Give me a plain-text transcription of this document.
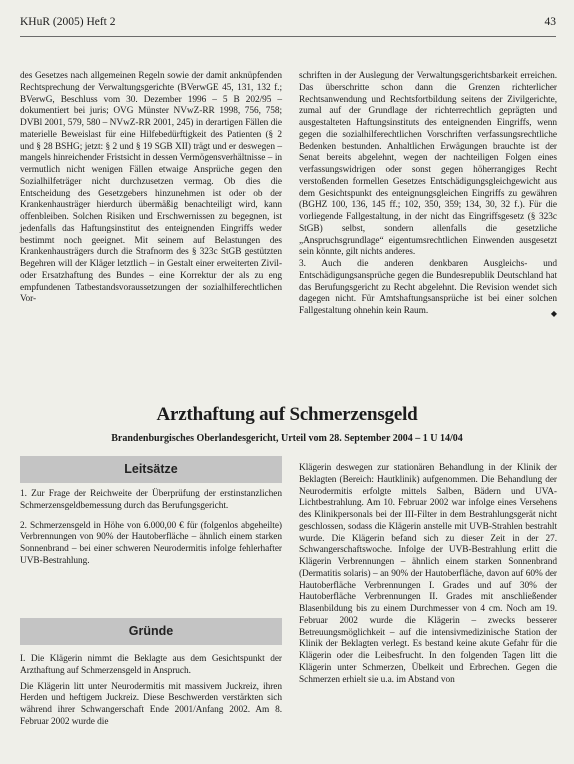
KHuR (2005) Heft 2	43

des Gesetzes nach allgemeinen Regeln sowie der damit anknüpfenden Rechtsprechung der Verwaltungsgerichte (BVerwGE 45, 131, 132 f.; BVerwG, Beschluss vom 30. Dezember 1996 – 5 B 202/95 – dokumentiert bei juris; OVG Münster NVwZ-RR 1998, 756, 758; DVBl 2001, 579, 580 – NVwZ-RR 2001, 245) in derartigen Fällen die materielle Beweislast für eine Hilfebedürftigkeit des Patienten (§ 2 und § 28 BSHG; jetzt: § 2 und § 19 SGB XII) trägt und er deswegen – mangels hinreichender Fristsicht in dessen Vermögensverhältnisse – in vermutlich nicht wenigen Fällen etwaige Ansprüche gegen den Sozialhilfeträger nicht durchzusetzen vermag. Ob dies die Entscheidung des Gesetzgebers hinzunehmen ist oder ob der Krankenhausträger hierdurch übermäßig benachteiligt wird, kann offenbleiben. Solchen Risiken und Erschwernissen zu begegnen, ist jedenfalls das Haftungsinstitut des enteignenden Eingriffs weder bestimmt noch geeignet. Mit seinem auf Belastungen des Krankenhausträgers durch die Strafnorm des § 323c StGB gestützten Begehren will der Kläger letztlich – in Gestalt einer erweiterten Zivil- oder Ersatzhaftung des Bundes – eine Korrektur der als zu eng empfundenen Tatbestandsvoraussetzungen der sozialhilferechtlichen Vor-

schriften in der Auslegung der Verwaltungsgerichtsbarkeit erreichen. Das überschritte schon dann die Grenzen richterlicher Rechtsanwendung und Rechtsfortbildung seitens der Zivilgerichte, zumal auf der Grundlage der richterrechtlich geprägten und ausgestalteten Haftungsinstituts des enteignenden Eingriffs, wenn gegen die sozialhilferechtlichen Vorschriften verfassungsrechtliche Bedenken bestunden. Anhaltlichen Erwägungen brauchte ist der Senat bereits abgelehnt, wegen der nachteiligen Folgen eines verfassungswidrigen oder sonst gegen höherrangiges Recht verstoßenden formellen Gesetzes Entschädigungsgleichgewicht aus dem Gesichtspunkt des enteignungsgleichen Eingriffs zu gewähren (BGHZ 100, 136, 145 ff.; 102, 350, 359; 134, 30, 32 f.). Für die vorliegende Fallgestaltung, in der nicht das Eingriffsgesetz (§ 323c StGB) selbst, sondern allenfalls die gesetzliche „Anspruchsgrundlage“ eigentumsrechtlichen Einwenden ausgesetzt sein könnte, gilt nichts anderes.

3. Auch die anderen denkbaren Ausgleichs- und Entschädigungsansprüche gegen die Bundesrepublik Deutschland hat das Berufungsgericht zu Recht abgelehnt. Die Revision wendet sich dagegen nicht. Für Amtshaftungsansprüche ist bei einer solchen Fallgestaltung ohnehin kein Raum.	◆

Arzthaftung auf Schmerzensgeld
Brandenburgisches Oberlandesgericht, Urteil vom 28. September 2004 – 1 U 14/04
Leitsätze

1. Zur Frage der Reichweite der Überprüfung der erstinstanzlichen Schmerzensgeldbemessung durch das Berufungsgericht.

2. Schmerzensgeld in Höhe von 6.000,00 € für (folgenlos abgeheilte) Verbrennungen von 90% der Hautoberfläche – ähnlich einem starken Sonnenbrand – bei einer schweren Neurodermitis infolge fehlerhafter UVB-Bestrahlung.

Gründe

I. Die Klägerin nimmt die Beklagte aus dem Gesichtspunkt der Arzthaftung auf Schmerzensgeld in Anspruch.

Die Klägerin litt unter Neurodermitis mit massivem Juckreiz, ihren Herden und heftigem Juckreiz. Diese Beschwerden verstärkten sich während ihrer Schwangerschaft Ende 2001/Anfang 2002. Am 8. Februar 2002 wurde die

Klägerin deswegen zur stationären Behandlung in der Klinik der Beklagten (Bereich: Hautklinik) aufgenommen. Die Behandlung der Neurodermitis erfolgte mittels Salben, Bädern und UVA-Lichtbestrahlung. Am 10. Februar 2002 war infolge eines Versehens des Klinikpersonals bei der III-Filter in dem Bestrahlungsgerät nicht geschlossen, sodass die Klägerin anstelle mit UVB-Strahlen bestrahlt wurde. Die Klägerin befand sich zu dieser Zeit in der 27. Schwangerschaftswoche. Infolge der UVB-Bestrahlung erlitt die Klägerin Verbrennungen – ähnlich einem starken Sonnenbrand (Dermatitis solaris) – an 90% der Hautoberfläche, davon auf 60% der Hautoberfläche Verbrennungen I. Grades und auf 30% der Hautoberfläche Verbrennungen II. Grades mit anschließender Blasenbildung bis zu einem Durchmesser von 4 cm. Noch am 19. Februar 2002 wurde die Klägerin – zwecks besserer Betreuungsmöglichkeit – auf die intensivmedizinische Station der Klinik der Beklagten verlegt. Es bestand keine akute Gefahr für die Klägerin oder die Leibesfrucht. In den folgenden Tagen litt die Klägerin unter Schmerzen, Übelkeit und Erbrechen. Gegen die Schmerzen erhielt sie u.a. im Abstand von
